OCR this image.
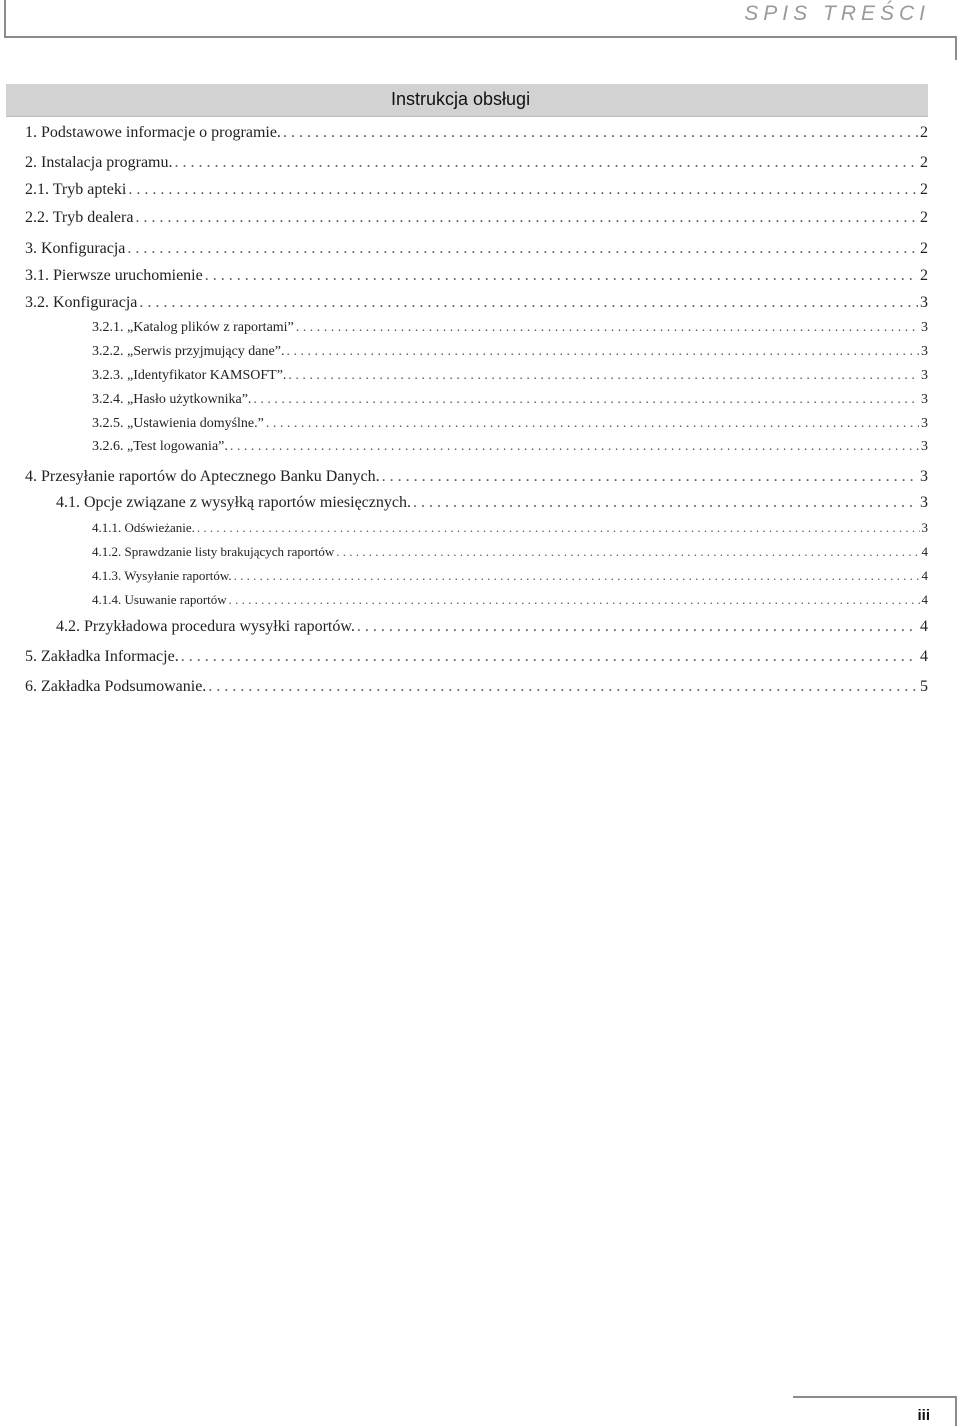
SPIS TREŚCI
Instrukcja obsługi
1. Podstawowe informacje o programie. . . .	2
2. Instalacja programu. . . .	2
2.1. Tryb apteki . . .	2
2.2. Tryb dealera . . .	2
3. Konfiguracja . . .	2
3.1. Pierwsze uruchomienie . . .	2
3.2. Konfiguracja . . .	3
3.2.1. „Katalog plików z raportami” . . .	3
3.2.2. „Serwis przyjmujący dane”. . . .	3
3.2.3. „Identyfikator KAMSOFT”. . . .	3
3.2.4. „Hasło użytkownika”. . . .	3
3.2.5. „Ustawienia domyślne.” . . .	3
3.2.6. „Test logowania”. . . .	3
4. Przesyłanie raportów do Aptecznego Banku Danych. . . .	3
4.1. Opcje związane z wysyłką raportów miesięcznych. . . .	3
4.1.1. Odświeżanie. . . .	3
4.1.2. Sprawdzanie listy brakujących raportów . . .	4
4.1.3. Wysyłanie raportów. . . .	4
4.1.4. Usuwanie raportów . . .	4
4.2. Przykładowa procedura wysyłki raportów. . . .	4
5. Zakładka Informacje. . . .	4
6. Zakładka Podsumowanie. . . .	5
iii
